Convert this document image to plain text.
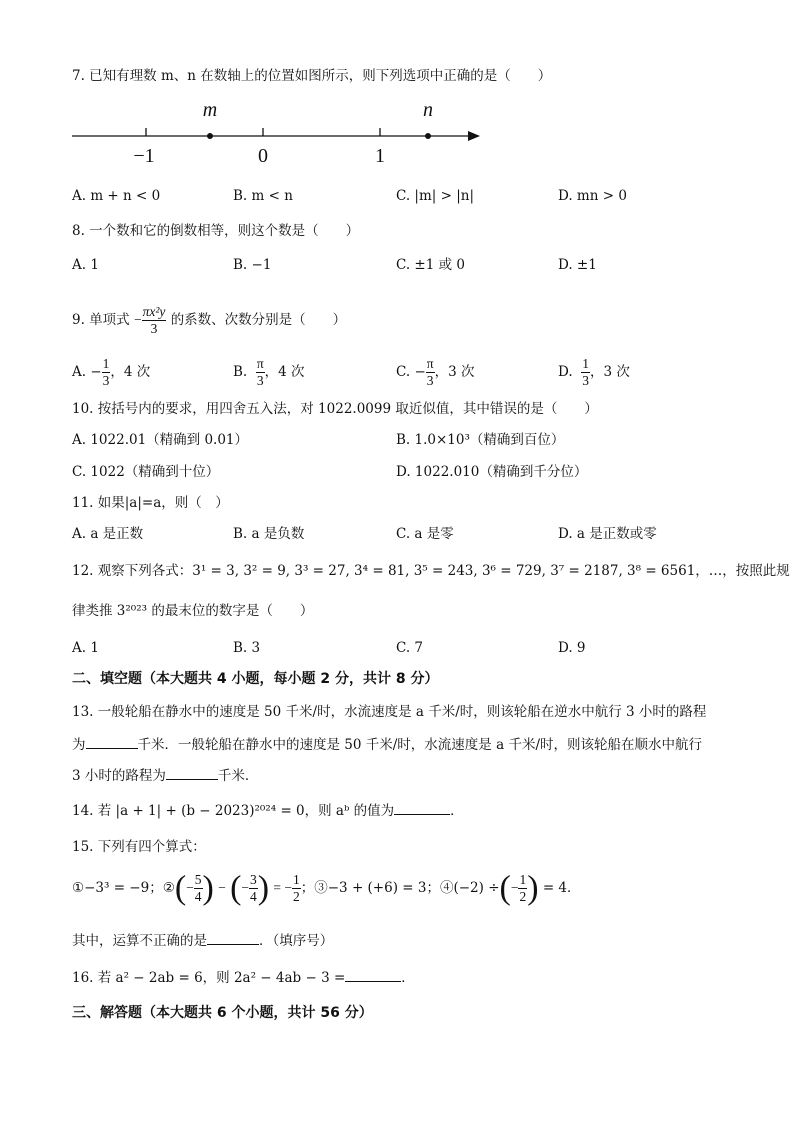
7. 已知有理数 m、n 在数轴上的位置如图所示，则下列选项中正确的是（　　）
m	n
−1	0	1
A. m + n < 0	B. m < n	C. |m| > |n|	D. mn > 0
8. 一个数和它的倒数相等，则这个数是（　　）
A. 1	B. −1	C. ±1 或 0	D. ±1
9. 单项式 − $\frac{\text{πx²y}}{3}$ 的系数、次数分别是（　　）
A. − $\frac{1}{3}$ ，4 次	B. $\frac{\pi}{3}$ ，4 次	C. − $\frac{\pi}{3}$ ，3 次	D. $\frac{1}{3}$ ，3 次
10. 按括号内的要求，用四舍五入法，对 1022.0099 取近似值，其中错误的是（　　）
A. 1022.01（精确到 0.01）	B. 1.0×10³（精确到百位）
C. 1022（精确到十位）	D. 1022.010（精确到千分位）
11. 如果|a|=a，则（　）
A. a 是正数	B. a 是负数	C. a 是零	D. a 是正数或零
12. 观察下列各式：3¹ = 3, 3² = 9, 3³ = 27, 3⁴ = 81, 3⁵ = 243, 3⁶ = 729, 3⁷ = 2187, 3⁸ = 6561，…，按照此规
律类推 3²⁰²³ 的最末位的数字是（　　）
A. 1	B. 3	C. 7	D. 9
二、填空题（本大题共 4 小题，每小题 2 分，共计 8 分）
13. 一般轮船在静水中的速度是 50 千米/时，水流速度是 a 千米/时，则该轮船在逆水中航行 3 小时的路程
为	千米．一般轮船在静水中的速度是 50 千米/时，水流速度是 a 千米/时，则该轮船在顺水中航行
3 小时的路程为	千米．
14. 若 |a + 1| + (b − 2023)²⁰²⁴ = 0，则 aᵇ 的值为	．
15. 下列有四个算式：
①−3³ = −9；②(− $\frac{5}{4}$ ) − (− $\frac{3}{4}$ ) = − $\frac{1}{2}$ ；③−3 + (+6) = 3；④(−2) ÷(− $\frac{1}{2}$ ) = 4．
其中，运算不正确的是	．（填序号）
16. 若 a² − 2ab = 6，则 2a² − 4ab − 3 =	．
三、解答题（本大题共 6 个小题，共计 56 分）
